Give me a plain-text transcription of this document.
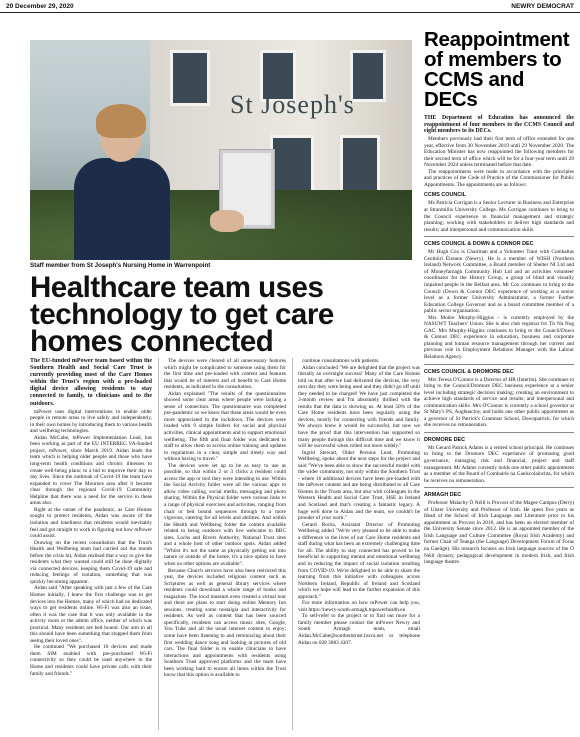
20 December 29, 2020	NEWRY DEMOCRAT
St Joseph's
Staff member from St Joseph's Nursing Home in Warrenpoint
Healthcare team uses technology to get care homes connected

The EU-funded mPower team based within the Southern Health and Social Care Trust is currently providing most of the Care Homes within the Trust's region with a pre-loaded digital device allowing residents to stay connected to family, to clinicians and to the outdoors.

mPower uses digital interventions to enable older people in remote areas to live safely and independently, in their own homes by introducing them to various health and wellbeing technologies.

Aidan McCabe, mPower Implementation Lead, has been working as part of the EU INTERREG VA-funded project, mPower, since March 2019. Aidan leads the team which is helping older people and those who have long-term health conditions and chronic illnesses to create well-being plans; to a bid to improve their day to day lives. Since the outbreak of Covid-19 the team have expanded to cover The Mournes area after it became clear through the regional Covid-19 Community Helpline that there was a need for the service in these areas also.

Right at the outset of the pandemic, as Care Homes sought to protect residents, Aidan was aware of the isolation and loneliness that residents would inevitably feel and got straight to work in figuring out how mPower could assist.

Drawing on the recent consultation that the Trust's Health and Wellbeing team had carried out the month before the crisis hit, Aidan realised that a way to give the residents what they wanted could still be done digitally via connected devices, keeping them Covid-19 safe and reducing feelings of isolation, something that was quickly becoming apparent.

Aidan said "After speaking with just a few of the Care Homes initially, I knew the first challenge was to get devices into the Homes, many of which had no dedicated ways to get residents online. Wi-Fi was also an issue, often it was the case that it was only available in the activity room or the admin office, neither of which was practical. Many residents are bed bound. Our aim in all this should have been something that stopped them from seeing their loved ones".

He continued "We purchased 10 devices and made them SIM enabled with pre-purchased Wi-Fi connectivity so they could be used anywhere in the Home and residents could have private calls with their family and friends."

The devices were cleared of all unnecessary features which might be complicated to someone using them for the first time and pre-loaded with content and features that would be of interest and of benefit to Care Home residents, as indicated in the consultation.

Aidan explained "The results of the questionnaires showed some clear areas where people were lacking a sense of connection. The questionnaire was completed pre-pandemic so we knew that these areas would be even more appreciated in the lockdown. The devices were loaded with 9 simple folders for social and physical activities, clinical appointments and to support emotional wellbeing. The fifth and final folder was dedicated to staff to allow them to access online training and updates to regulations in a clear, simple and timely way and without having to travel."

The devices were set up to be as easy to use as possible, so that within 2 or 3 clicks a resident could access the app or tool they were intending to use. Within the Social Activity folder were all the various apps to allow video calling, social media, messaging and photo sharing. Within the Physical folder were various links to a range of physical exercises and activities, ranging from chair or bed bound sequences through to a more vigorous, catering for all levels and abilities. And within the Health and Wellbeing folder the content available related to being outdoors with live webcams to BBC sites, Lochs and Rivers Authority, National Trust sites and a whole host of other outdoor spots. Aidan added "Whilst it's not the same as physically getting out into nature or outside of the home, it's a nice option to have when no other options are available".

Because Church services have also been restricted this year, the devices included religious content such as Scriptures as well as general library services where residents could download a whole range of books and magazines. The local museum even created a virtual tour and there are plans to start doing online Memory Inn sessions, creating some nostalgia and interactivity for residents. As well as content that has been sourced specifically, residents can access music sites, Google, You Tube and all the usual internet content to enjoy; some have been listening to and reminiscing about their first wedding dance song and looking at pictures of old cars. The final folder is to enable clinicians to have interactions and appointments with residents using Southern Trust approved platforms and the team have been working hard to ensure all items within the Trust know that this option is available to

continue consultations with patients.

Aidan concluded "We are delighted that the project was literally an overnight success! Many of the Care Homes told us that after we had delivered the devices, the very next day they were being used and they didn't go off until they needed to be charged! We have just completed the 3-month review and I'm absolutely thrilled with the results that the data is showing us. At least 50% of the Care Home residents have been regularly using the devices, mostly for connecting with friends and family. We always knew it would be successful, but now we have the proof that this intervention has supported so many people through this difficult time and we know it will be successful when rolled out more widely."

Ingrid Stewart, Older Persons Lead, Promoting Wellbeing, spoke about the next steps for the project and said "We've been able to show the successful model with the wider community, not only within the Southern Trust - where 16 additional devices have been pre-loaded with the mPower content and are being distributed to all Care Homes in the Trusts area, but also with colleagues in the Western Health and Social Care Trust, HSE in Ireland and Scotland and that's creating a fantastic legacy. A huge well done to Aidan and the team, we couldn't be prouder of your work."

Gerard Rocks, Assistant Director of Promoting Wellbeing added "We're very pleased to be able to make a difference in the lives of our Care Home residents and staff during what has been an extremely challenging time for all. The ability to stay connected has proved to be beneficial in supporting mental and emotional wellbeing and in reducing the impact of social isolation resulting from COVID-19. We're delighted to be able to share the learning from this initiative with colleagues across Northern Ireland, Republic of Ireland and Scotland which we hope will lead to the further expansion of this approach."

For more information on how mPower can help you, visit https://newry-south-armagh.mpowerhealth.eu

To self-refer to the project or to find out more for a family member please contact the mPower Newry and South Armagh team, email Aidan.McCabe@southerntrust.hscni.net or telephone Aidan on 028 3083 4307.

Reappointment of members to CCMS and DECs
THE Department of Education has announced the reappointment of four members to the CCMS Council and eight members to its DECs.

Members previously had their first term of office extended for one year, effective from 30 November 2019 until 29 November 2020. The Education Minister has now reappointed the following members for their second term of office which will be for a four-year term until 29 November 2024 unless terminated before that date.

The reappointments were made in accordance with the principles and practices of the Code of Practice of the Commissioner for Public Appointments. The appointments are as follows:

CCMS COUNCIL

Ms Patricia Corrigan is a Senior Lecturer in Business and Enterprise at Stranmillis University College. Ms Corrigan continues to bring to the Council experience in financial management and strategic planning; working with stakeholders to deliver high standards and results; and interpersonal and communication skills.

CCMS COUNCIL & DOWN & CONNOR DEC

Mr Hugh Cox is Chairman and a Volunteer Tutor with Comhaltas Ceoltóirí Éireann (Newry). He is a member of WISH (Northern Ireland) Network Committee, a Board member of Shelter NI Ltd and of Moneyfarnagh Community Hub Ltd and an activities volunteer coordinator for the History Group, a group of blind and visually impaired people in the Belfast area. Mr Cox continues to bring to the Council (Down & Connor DEC experience of working at a senior level as a former University Administrator, a former Further Education College Governor and as a board committee member of a public sector organisation.

Mrs Mońre Murphy-Higgins - is currently employed by the NASUWT Teachers' Union. She is also club registrar for Tír Na Nog GAC. Mrs Murphy-Higgins continues to bring to the Council/Down & Connor DEC experience in education, business and corporate planning and human resource management through her current and previous role in Employment Relations Manager with the Labour Relations Agency.

CCMS COUNCIL & DROMORE DEC

Mrs Teresa O'Connor is a Director of HR (Interim). She continues to bring to the Council/Dromore DEC business experience at a senior level including strategic decision making; creating an environment to achieve high standards of service and results; and interpersonal and communication skills. Mrs O'Connor is currently a school governor at St Mary's PS, Aughnacloy, and holds one other public appointment as a governor of St Patrick's Grammar School, Downpatrick, for which she receives no remuneration.

DROMORE DEC

Mr Gerard Patrick Adams is a retired school principal. He continues to bring to the Dromore DEC experience of promoting good governance, managing risk and financial, project and staff management. Mr Adams currently holds one other public appointment as a member of the Board of Comhairle na Gaelscolaíochta, for which he receives no remuneration.

ARMAGH DEC

Professor Malachy Ó Néill is Provost of the Magee Campus (Derry) of Ulster University and Professor of Irish. He spent five years as Head of the School of Irish Language and Literature prior to his appointment as Provost in 2016, and has been an elected member of the University Senate since 2012. He is an appointed member of the Irish Language and Culture Committee (Royal Irish Academy) and former Chair of Teanga (the Language) Development Forum of Foras na Gaeilge). His research focuses on Irish language sources of the Ó Néill dynasty, pedagogical development in modern Irish, and Irish language theatre.
